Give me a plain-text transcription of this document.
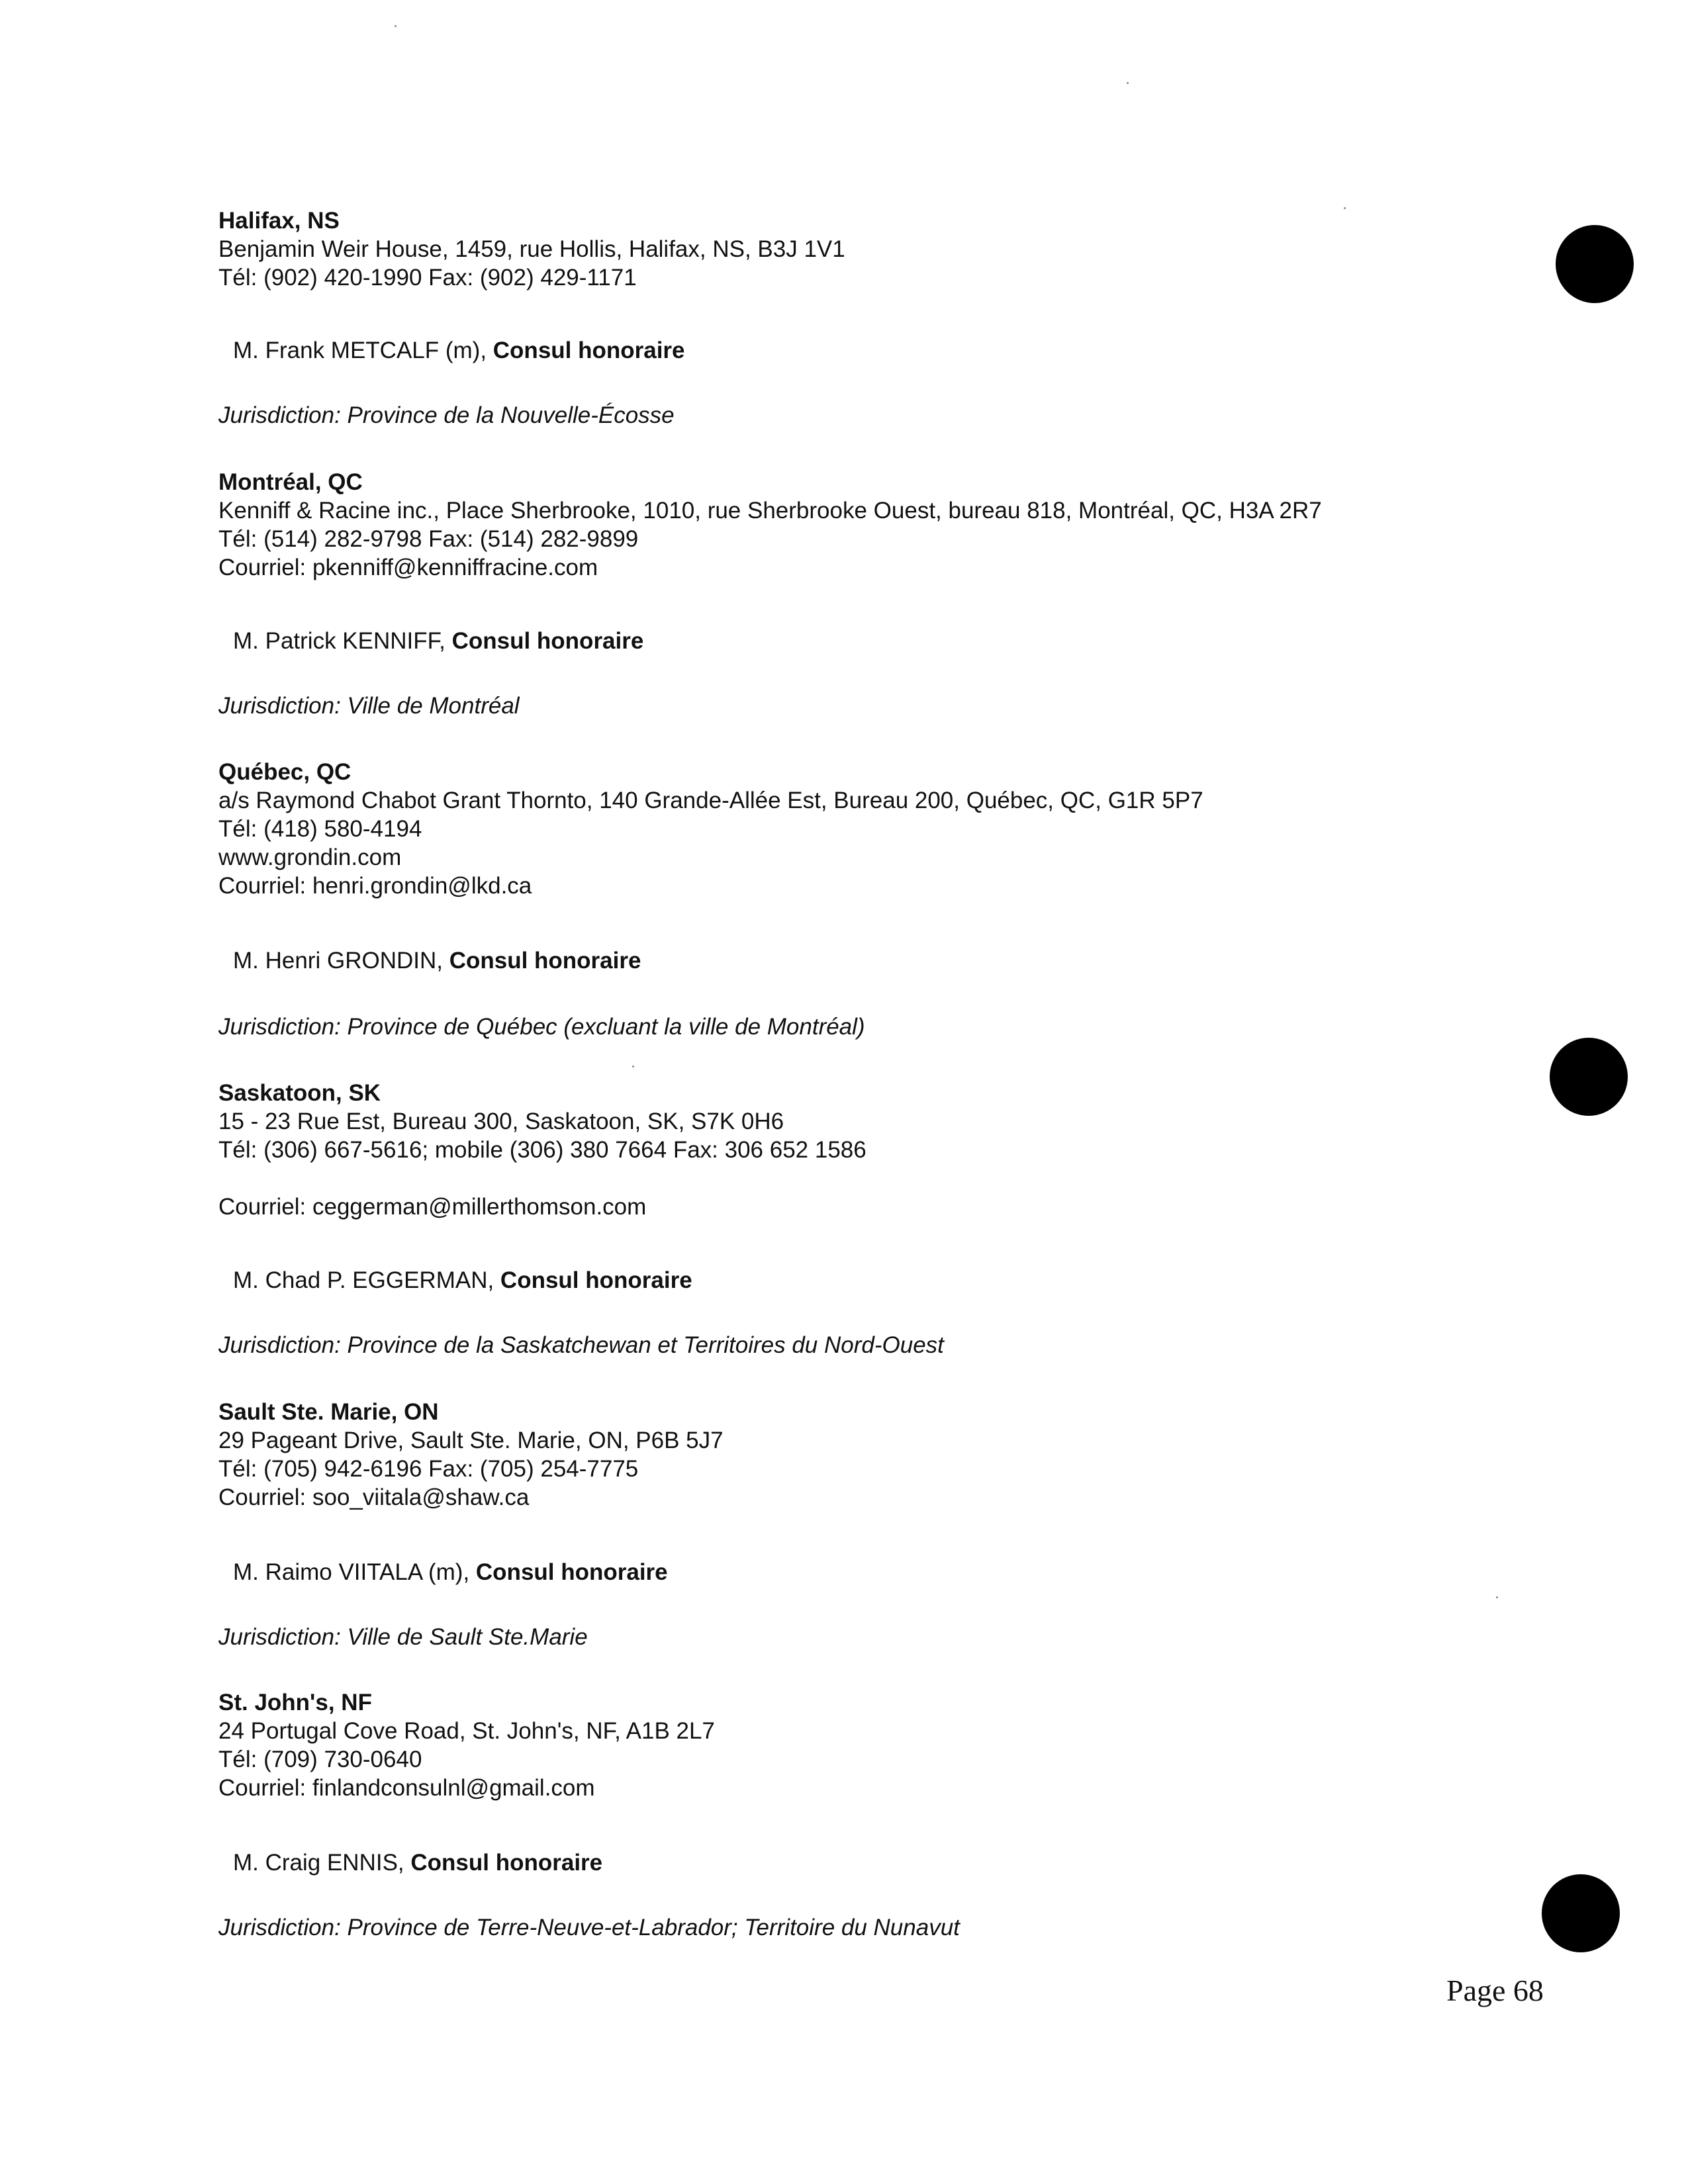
Halifax, NS
Benjamin Weir House, 1459, rue Hollis, Halifax, NS, B3J 1V1
Tél: (902) 420-1990 Fax: (902) 429-1171
M. Frank METCALF (m), Consul honoraire
Jurisdiction: Province de la Nouvelle-Écosse
Montréal, QC
Kenniff & Racine inc., Place Sherbrooke, 1010, rue Sherbrooke Ouest, bureau 818, Montréal, QC, H3A 2R7
Tél: (514) 282-9798 Fax: (514) 282-9899
Courriel: pkenniff@kenniffracine.com
M. Patrick KENNIFF, Consul honoraire
Jurisdiction: Ville de Montréal
Québec, QC
a/s Raymond Chabot Grant Thornto, 140 Grande-Allée Est, Bureau 200, Québec, QC, G1R 5P7
Tél: (418) 580-4194
www.grondin.com
Courriel: henri.grondin@lkd.ca
M. Henri GRONDIN, Consul honoraire
Jurisdiction: Province de Québec (excluant la ville de Montréal)
Saskatoon, SK
15 - 23 Rue Est, Bureau 300, Saskatoon, SK, S7K 0H6
Tél: (306) 667-5616; mobile (306) 380 7664 Fax: 306 652 1586
Courriel: ceggerman@millerthomson.com
M. Chad P. EGGERMAN, Consul honoraire
Jurisdiction: Province de la Saskatchewan et Territoires du Nord-Ouest
Sault Ste. Marie, ON
29 Pageant Drive, Sault Ste. Marie, ON, P6B 5J7
Tél: (705) 942-6196 Fax: (705) 254-7775
Courriel: soo_viitala@shaw.ca
M. Raimo VIITALA (m), Consul honoraire
Jurisdiction: Ville de Sault Ste.Marie
St. John's, NF
24 Portugal Cove Road, St. John's, NF, A1B 2L7
Tél: (709) 730-0640
Courriel: finlandconsulnl@gmail.com
M. Craig ENNIS, Consul honoraire
Jurisdiction: Province de Terre-Neuve-et-Labrador; Territoire du Nunavut
Page 68
